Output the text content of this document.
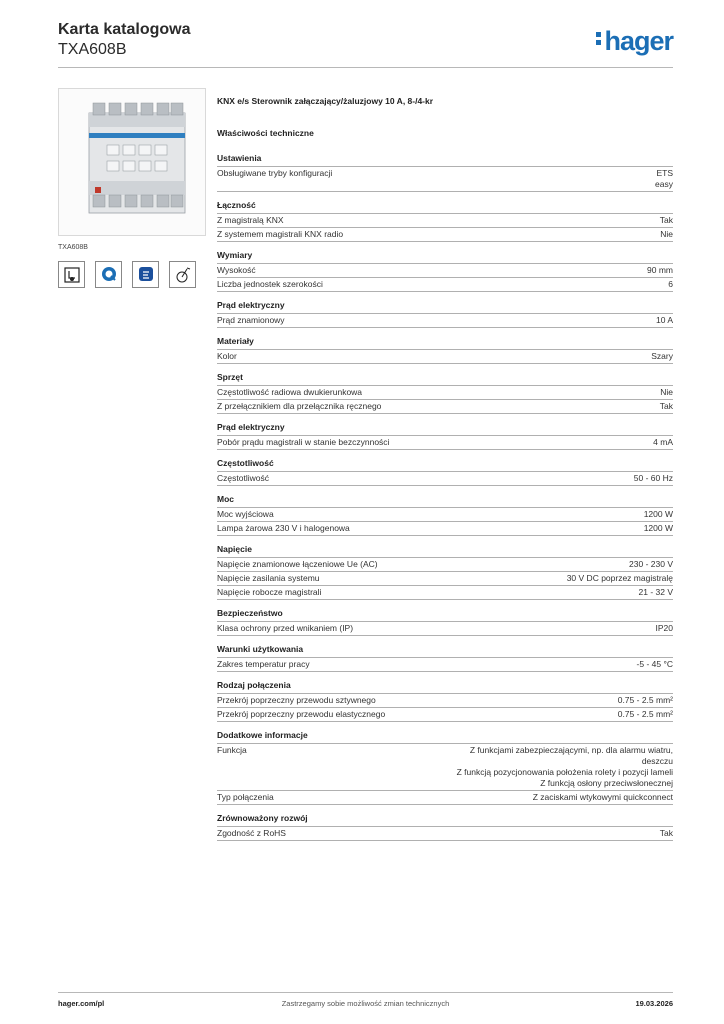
Karta katalogowa
TXA608B	hager
TXA608B
KNX e/s Sterownik załączający/żaluzjowy 10 A, 8-/4-kr
Właściwości techniczne
Ustawienia
Obsługiwane tryby konfiguracji	ETS
easy
Łączność
Z magistralą KNX	Tak
Z systemem magistrali KNX radio	Nie
Wymiary
Wysokość	90 mm
Liczba jednostek szerokości	6
Prąd elektryczny
Prąd znamionowy	10 A
Materiały
Kolor	Szary
Sprzęt
Częstotliwość radiowa dwukierunkowa	Nie
Z przełącznikiem dla przełącznika ręcznego	Tak
Prąd elektryczny
Pobór prądu magistrali w stanie bezczynności	4 mA
Częstotliwość
Częstotliwość	50 - 60 Hz
Moc
Moc wyjściowa	1200 W
Lampa żarowa 230 V i halogenowa	1200 W
Napięcie
Napięcie znamionowe łączeniowe Ue (AC)	230 - 230 V
Napięcie zasilania systemu	30 V DC poprzez magistralę
Napięcie robocze magistrali	21 - 32 V
Bezpieczeństwo
Klasa ochrony przed wnikaniem (IP)	IP20
Warunki użytkowania
Zakres temperatur pracy	-5 - 45 °C
Rodzaj połączenia
Przekrój poprzeczny przewodu sztywnego	0.75 - 2.5 mm²
Przekrój poprzeczny przewodu elastycznego	0.75 - 2.5 mm²
Dodatkowe informacje
Funkcja	Z funkcjami zabezpieczającymi, np. dla alarmu wiatru,
deszczu
Z funkcją pozycjonowania położenia rolety i pozycji lameli
Z funkcją osłony przeciwsłonecznej
Typ połączenia	Z zaciskami wtykowymi quickconnect
Zrównoważony rozwój
Zgodność z RoHS	Tak
hager.com/pl	Zastrzegamy sobie możliwość zmian technicznych	19.03.2026
